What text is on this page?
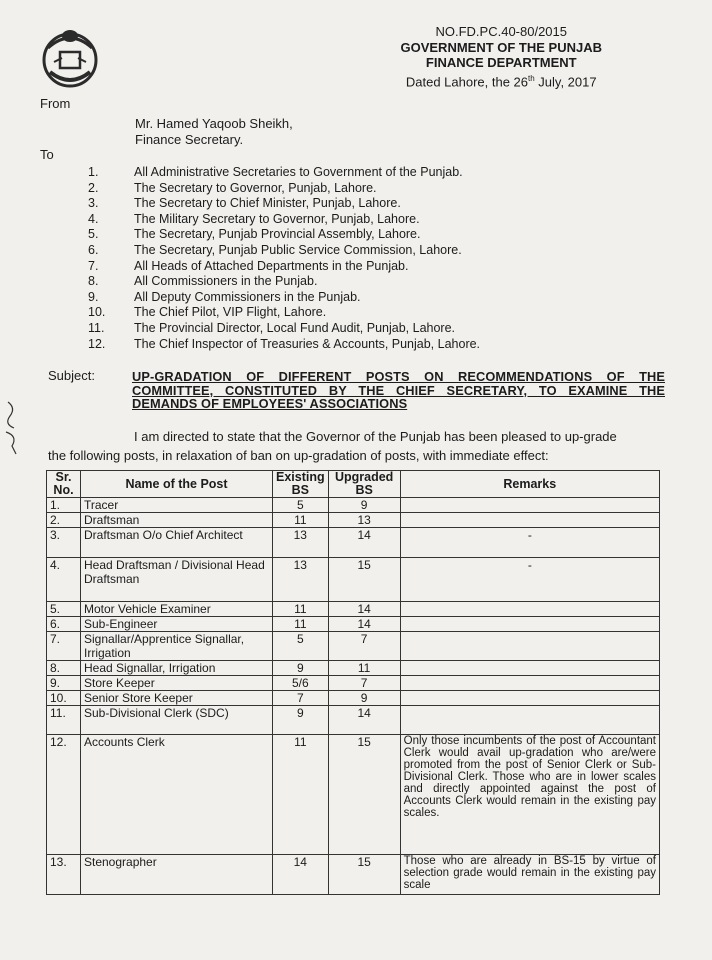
NO.FD.PC.40-80/2015
GOVERNMENT OF THE PUNJAB
FINANCE DEPARTMENT
Dated Lahore, the 26th July, 2017
From
Mr. Hamed Yaqoob Sheikh,
Finance Secretary.
To
1.	All Administrative Secretaries to Government of the Punjab.
2.	The Secretary to Governor, Punjab, Lahore.
3.	The Secretary to Chief Minister, Punjab, Lahore.
4.	The Military Secretary to Governor, Punjab, Lahore.
5.	The Secretary, Punjab Provincial Assembly, Lahore.
6.	The Secretary, Punjab Public Service Commission, Lahore.
7.	All Heads of Attached Departments in the Punjab.
8.	All Commissioners in the Punjab.
9.	All Deputy Commissioners in the Punjab.
10. The Chief Pilot, VIP Flight, Lahore.
11. The Provincial Director, Local Fund Audit, Punjab, Lahore.
12. The Chief Inspector of Treasuries & Accounts, Punjab, Lahore.
Subject:	UP-GRADATION OF DIFFERENT POSTS ON RECOMMENDATIONS OF THE COMMITTEE, CONSTITUTED BY THE CHIEF SECRETARY, TO EXAMINE THE DEMANDS OF EMPLOYEES' ASSOCIATIONS
I am directed to state that the Governor of the Punjab has been pleased to up-grade
the following posts, in relaxation of ban on up-gradation of posts, with immediate effect:
Sr. No.	Name of the Post	Existing BS	Upgraded BS	Remarks
1.	Tracer	5	9	
2.	Draftsman	11	13	
3.	Draftsman O/o Chief Architect	13	14	-
4.	Head Draftsman / Divisional Head Draftsman	13	15	-
5.	Motor Vehicle Examiner	11	14	
6.	Sub-Engineer	11	14	
7.	Signallar/Apprentice Signallar, Irrigation	5	7	
8.	Head Signallar, Irrigation	9	11	
9.	Store Keeper	5/6	7	
10.	Senior Store Keeper	7	9	
11.	Sub-Divisional Clerk (SDC)	9	14	
12.	Accounts Clerk	11	15	Only those incumbents of the post of Accountant Clerk would avail up-gradation who are/were promoted from the post of Senior Clerk or Sub-Divisional Clerk. Those who are in lower scales and directly appointed against the post of Accounts Clerk would remain in the existing pay scales.
13.	Stenographer	14	15	Those who are already in BS-15 by virtue of selection grade would remain in the existing pay scale
